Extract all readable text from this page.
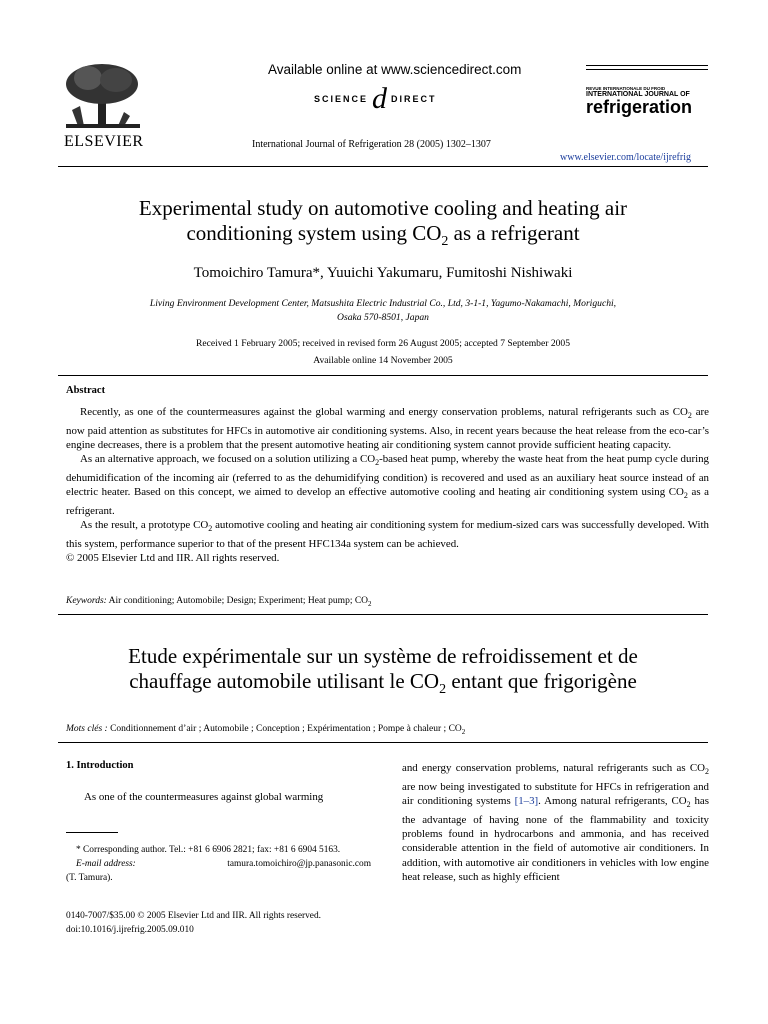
ELSEVIER
Available online at www.sciencedirect.com
SCIENCE d DIRECT
International Journal of Refrigeration 28 (2005) 1302–1307
REVUE INTERNATIONALE DU FROID
INTERNATIONAL JOURNAL OF
refrigeration
www.elsevier.com/locate/ijrefrig
Experimental study on automotive cooling and heating air
conditioning system using $CO_2$ as a refrigerant
Tomoichiro Tamura*, Yuuichi Yakumaru, Fumitoshi Nishiwaki
Living Environment Development Center, Matsushita Electric Industrial Co., Ltd, 3-1-1, Yagumo-Nakamachi, Moriguchi,
Osaka 570-8501, Japan
Received 1 February 2005; received in revised form 26 August 2005; accepted 7 September 2005
Available online 14 November 2005
Abstract

Recently, as one of the countermeasures against the global warming and energy conservation problems, natural refrigerants such as $CO_2$ are now paid attention as substitutes for HFCs in automotive air conditioning systems. Also, in recent years because the heat release from the eco-car’s engine decreases, there is a problem that the present automotive heating air conditioning system cannot provide sufficient heating capacity.

As an alternative approach, we focused on a solution utilizing a $CO_2$-based heat pump, whereby the waste heat from the heat pump cycle during dehumidification of the incoming air (referred to as the dehumidifying condition) is recovered and used as an auxiliary heat source instead of an electric heater. Based on this concept, we aimed to develop an effective automotive cooling and heating air conditioning system using $CO_2$ as a refrigerant.

As the result, a prototype $CO_2$ automotive cooling and heating air conditioning system for medium-sized cars was successfully developed. With this system, performance superior to that of the present HFC134a system can be achieved.

© 2005 Elsevier Ltd and IIR. All rights reserved.

Keywords: Air conditioning; Automobile; Design; Experiment; Heat pump; $CO_2$
Etude expérimentale sur un système de refroidissement et de
chauffage automobile utilisant le $CO_2$ entant que frigorigène
Mots clés : Conditionnement d’air ; Automobile ; Conception ; Expérimentation ; Pompe à chaleur ; $CO_2$
1. Introduction
As one of the countermeasures against global warming

* Corresponding author. Tel.: +81 6 6906 2821; fax: +81 6 6904 5163.

E-mail address:	tamura.tomoichiro@jp.panasonic.com

(T. Tamura).

0140-7007/$35.00 © 2005 Elsevier Ltd and IIR. All rights reserved.
doi:10.1016/j.ijrefrig.2005.09.010
and energy conservation problems, natural refrigerants such as $CO_2$ are now being investigated to substitute for HFCs in refrigeration and air conditioning systems [1–3]. Among natural refrigerants, $CO_2$ has the advantage of having none of the flammability and toxicity problems found in hydrocarbons and ammonia, and has received considerable attention in the field of automotive air conditioners. In addition, with automotive air conditioners in vehicles with low engine heat release, such as highly efficient
